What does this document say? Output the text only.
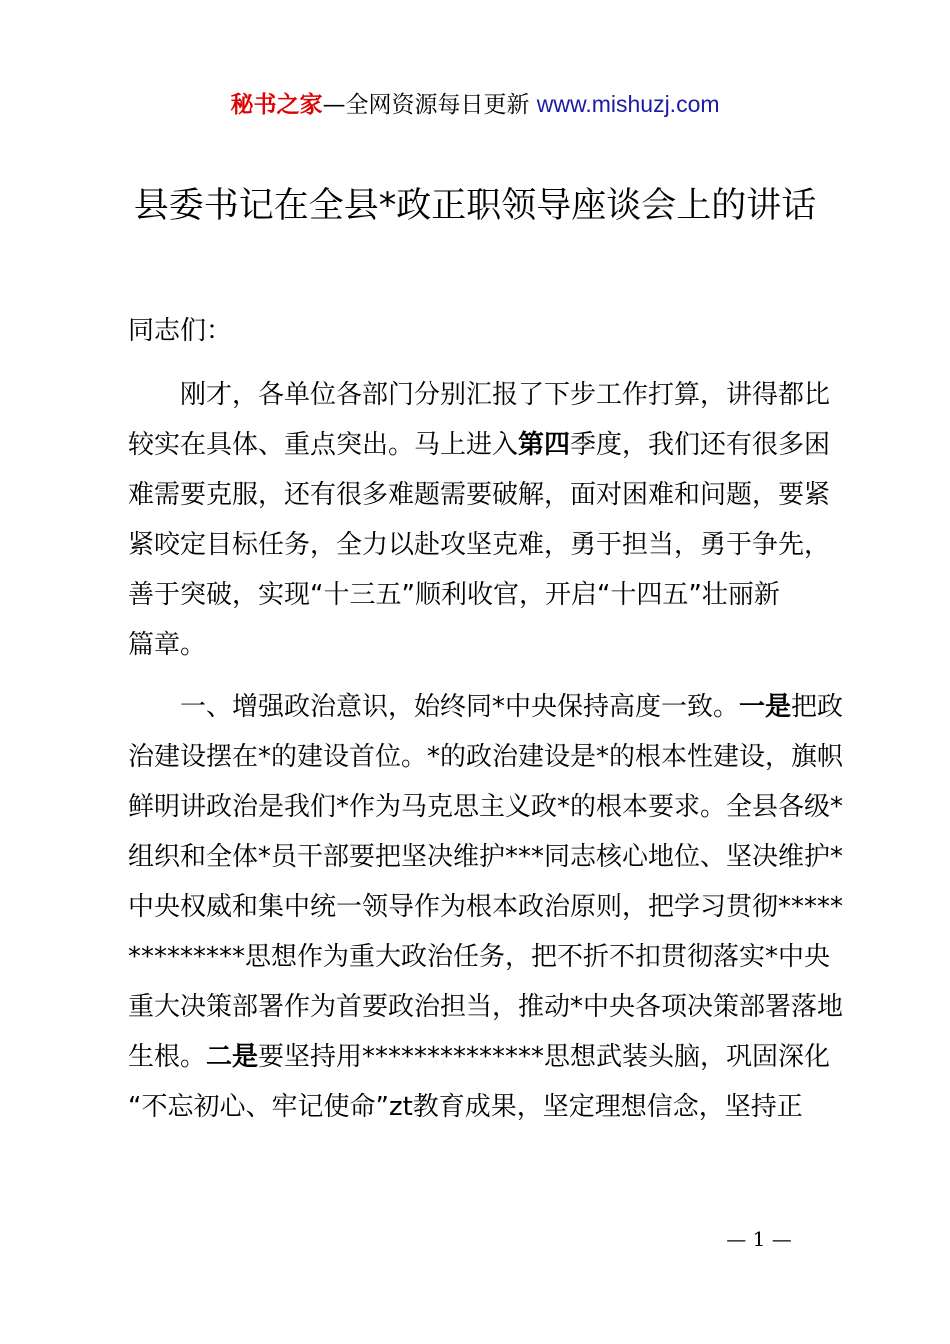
秘书之家—全网资源每日更新 www.mishuzj.com
县委书记在全县*政正职领导座谈会上的讲话
同志们：
刚才，各单位各部门分别汇报了下步工作打算，讲得都比
较实在具体、重点突出。马上进入第四季度，我们还有很多困
难需要克服，还有很多难题需要破解，面对困难和问题，要紧
紧咬定目标任务，全力以赴攻坚克难，勇于担当，勇于争先，
善于突破，实现“十三五”顺利收官，开启“十四五”壮丽新
篇章。
一、增强政治意识，始终同*中央保持高度一致。一是把政
治建设摆在*的建设首位。*的政治建设是*的根本性建设，旗帜
鲜明讲政治是我们*作为马克思主义政*的根本要求。全县各级*
组织和全体*员干部要把坚决维护***同志核心地位、坚决维护*
中央权威和集中统一领导作为根本政治原则，把学习贯彻*****
*********思想作为重大政治任务，把不折不扣贯彻落实*中央
重大决策部署作为首要政治担当，推动*中央各项决策部署落地
生根。二是要坚持用**************思想武装头脑，巩固深化
“不忘初心、牢记使命”zt教育成果，坚定理想信念，坚持正
— 1 —
